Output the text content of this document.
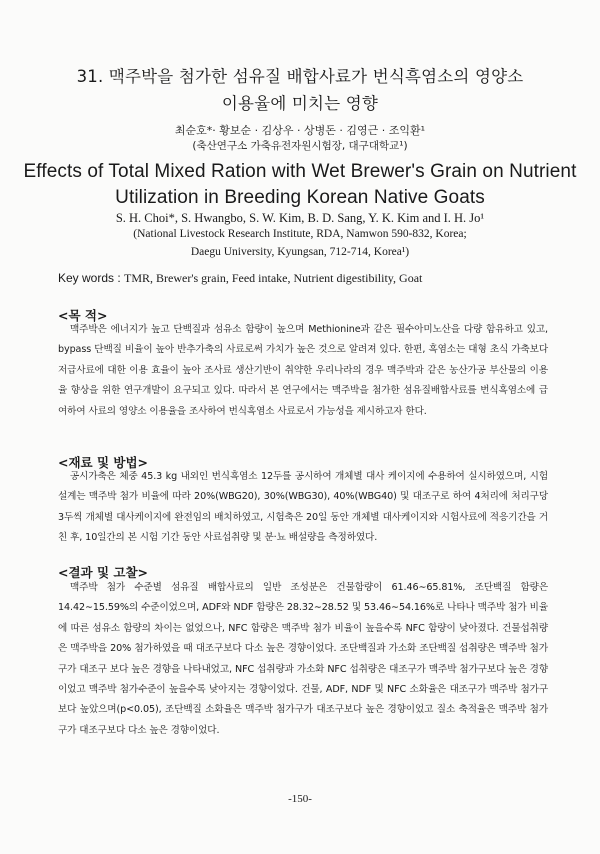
31. 맥주박을 첨가한 섬유질 배합사료가 번식흑염소의 영양소
이용율에 미치는 영향
최순호*· 황보순 · 김상우 · 상병돈 · 김영근 · 조익환¹
(축산연구소 가축유전자원시험장, 대구대학교¹)
Effects of Total Mixed Ration with Wet Brewer's Grain on Nutrient
Utilization in Breeding Korean Native Goats
S. H. Choi*, S. Hwangbo, S. W. Kim, B. D. Sang, Y. K. Kim and I. H. Jo¹
(National Livestock Research Institute, RDA, Namwon 590-832, Korea;
Daegu University, Kyungsan, 712-714, Korea¹)
Key words : TMR, Brewer's grain, Feed intake, Nutrient digestibility, Goat
<목 적>
맥주박은 에너지가 높고 단백질과 섬유소 함량이 높으며 Methionine과 같은 필수아미노산을 다량 함유하고 있고, bypass 단백질 비율이 높아 반추가축의 사료로써 가치가 높은 것으로 알려져 있다. 한편, 흑염소는 대형 초식 가축보다 저급사료에 대한 이용 효율이 높아 조사료 생산기반이 취약한 우리나라의 경우 맥주박과 같은 농산가공 부산물의 이용율 향상을 위한 연구개발이 요구되고 있다. 따라서 본 연구에서는 맥주박을 첨가한 섬유질배합사료를 번식흑염소에 급여하여 사료의 영양소 이용율을 조사하여 번식흑염소 사료로서 가능성을 제시하고자 한다.
<재료 및 방법>
공시가축은 체중 45.3 kg 내외인 번식흑염소 12두를 공시하여 개체별 대사 케이지에 수용하여 실시하였으며, 시험설계는 맥주박 첨가 비율에 따라 20%(WBG20), 30%(WBG30), 40%(WBG40) 및 대조구로 하여 4처리에 처리구당 3두씩 개체별 대사케이지에 완전임의 배치하였고, 시험축은 20일 동안 개체별 대사케이지와 시험사료에 적응기간을 거친 후, 10일간의 본 시험 기간 동안 사료섭취량 및 분·뇨 배설량을 측정하였다.
<결과 및 고찰>
맥주박 첨가 수준별 섬유질 배합사료의 일반 조성분은 건물함량이 61.46∼65.81%, 조단백질 함량은 14.42∼15.59%의 수준이었으며, ADF와 NDF 함량은 28.32∼28.52 및 53.46∼54.16%로 나타나 맥주박 첨가 비율에 따른 섬유소 함량의 차이는 없었으나, NFC 함량은 맥주박 첨가 비율이 높을수록 NFC 함량이 낮아졌다. 건물섭취량은 맥주박을 20% 첨가하였을 때 대조구보다 다소 높은 경향이었다. 조단백질과 가소화 조단백질 섭취량은 맥주박 첨가구가 대조구 보다 높은 경향을 나타내었고, NFC 섭취량과 가소화 NFC 섭취량은 대조구가 맥주박 첨가구보다 높은 경향이었고 맥주박 첨가수준이 높을수록 낮아지는 경향이었다. 건물, ADF, NDF 및 NFC 소화율은 대조구가 맥주박 첨가구 보다 높았으며(p<0.05), 조단백질 소화율은 맥주박 첨가구가 대조구보다 높은 경향이었고 질소 축적율은 맥주박 첨가구가 대조구보다 다소 높은 경향이었다.
-150-
